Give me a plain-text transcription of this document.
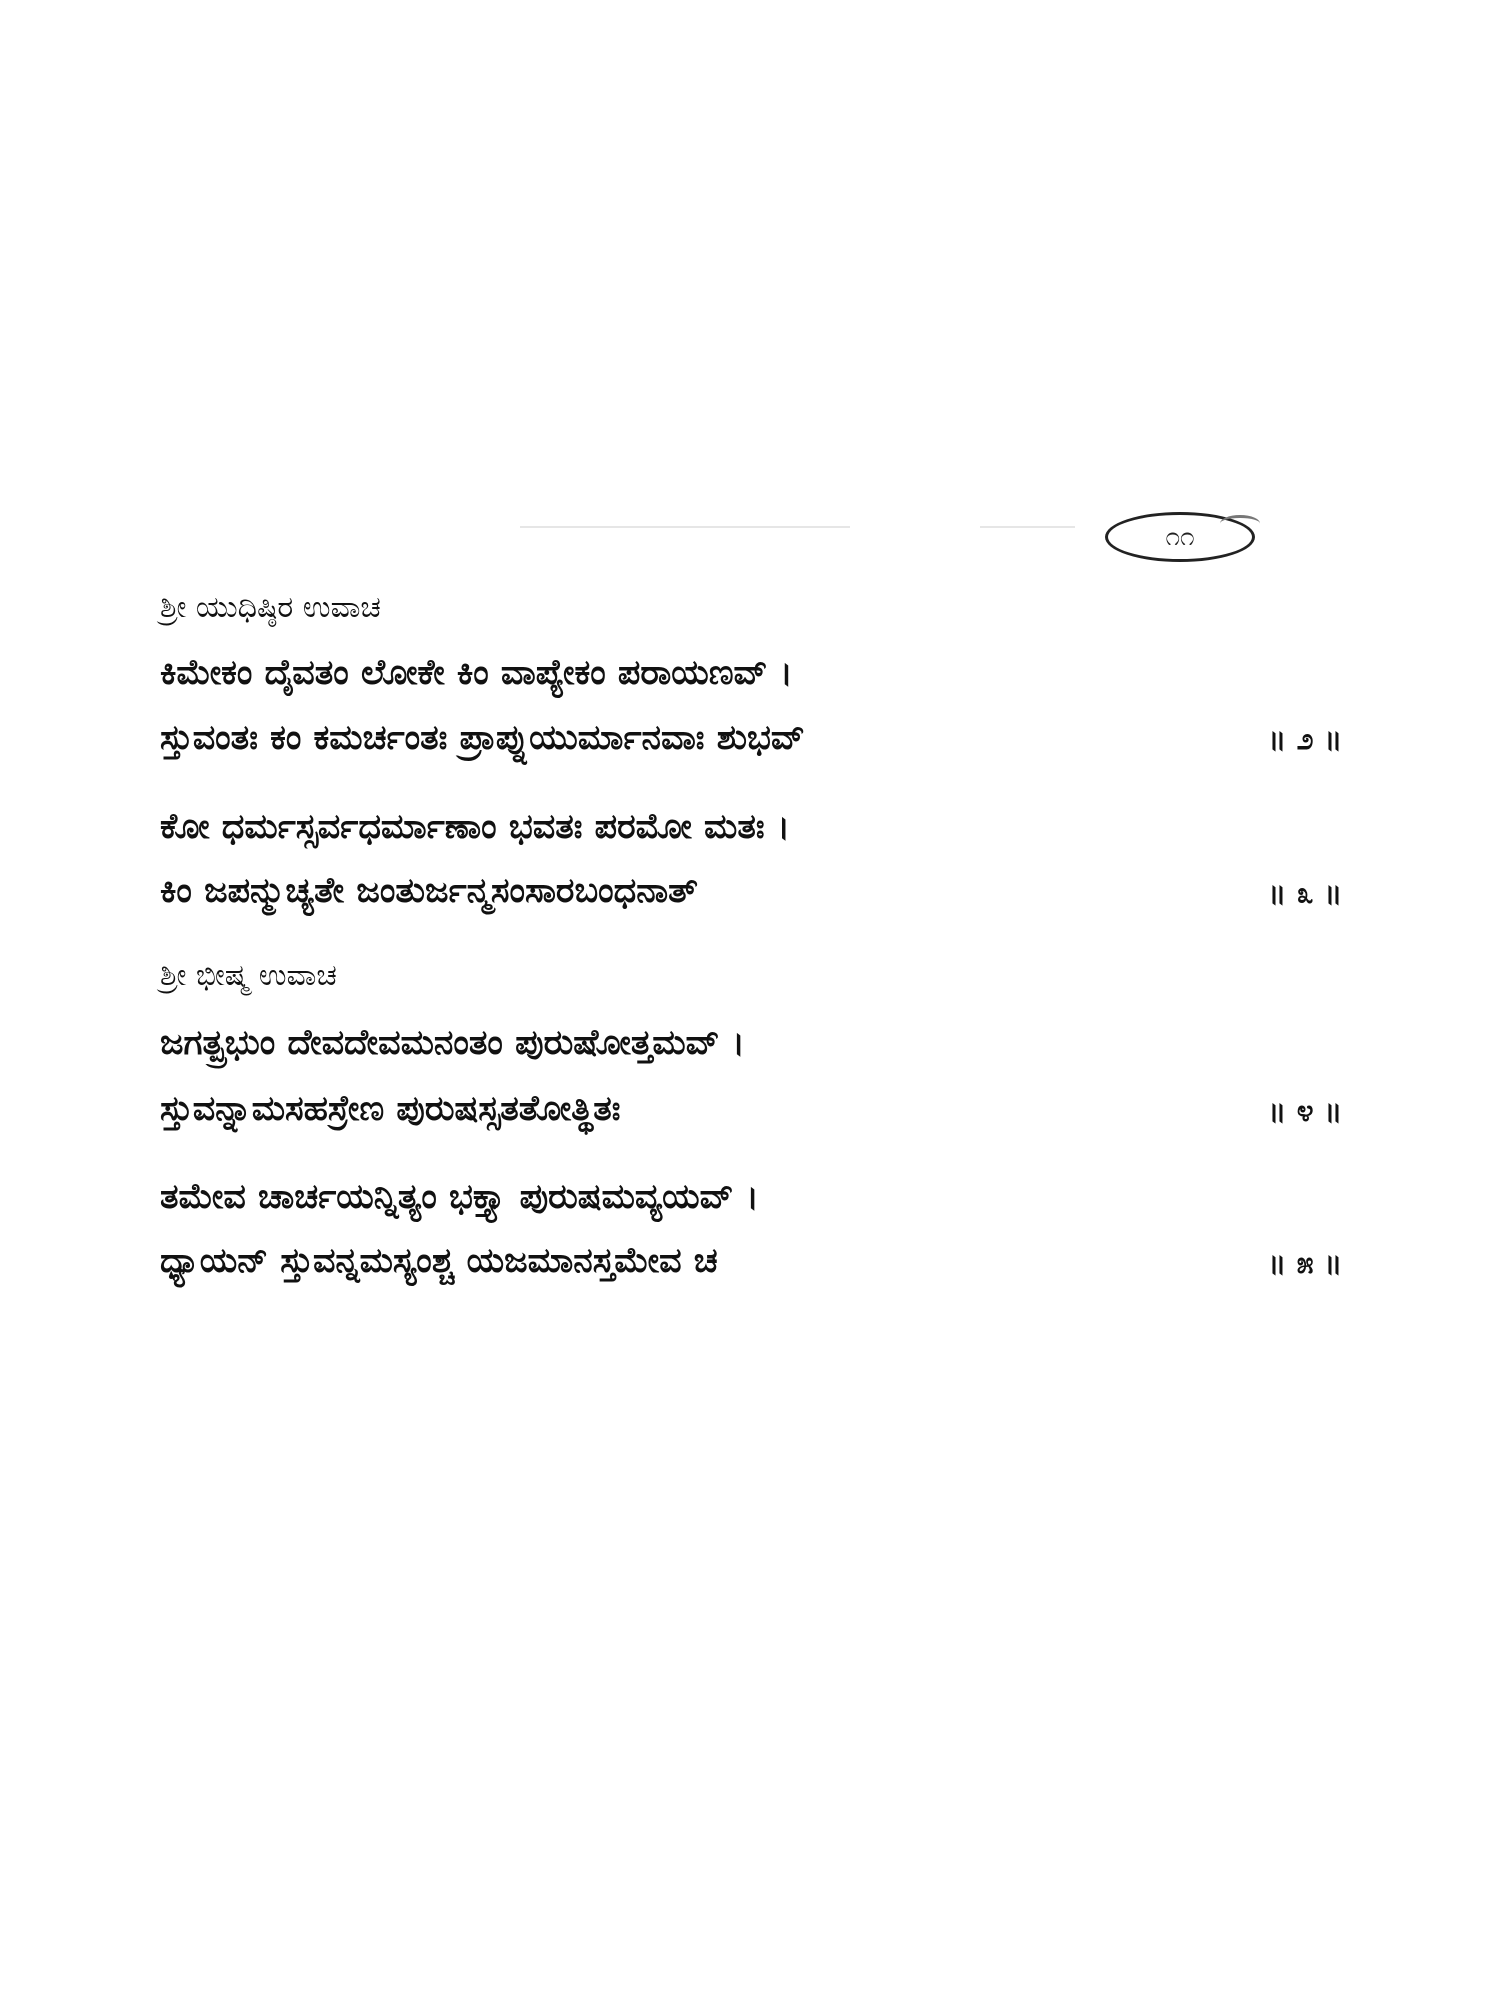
೧೧
ಶ್ರೀ ಯುಧಿಷ್ಠಿರ ಉವಾಚ
ಕಿಮೇಕಂ ದೈವತಂ ಲೋಕೇ ಕಿಂ ವಾಪ್ಯೇಕಂ ಪರಾಯಣವ್ ।
ಸ್ತುವಂತಃ ಕಂ ಕಮರ್ಚಂತಃ ಪ್ರಾಪ್ನುಯುರ್ಮಾನವಾಃ ಶುಭವ್	॥ ೨ ॥
ಕೋ ಧರ್ಮಸ್ಸರ್ವಧರ್ಮಾಣಾಂ ಭವತಃ ಪರಮೋ ಮತಃ ।
ಕಿಂ ಜಪನ್ಮುಚ್ಯತೇ ಜಂತುರ್ಜನ್ಮಸಂಸಾರಬಂಧನಾತ್	॥ ೩ ॥
ಶ್ರೀ ಭೀಷ್ಮ ಉವಾಚ
ಜಗತ್ಪ್ರಭುಂ ದೇವದೇವಮನಂತಂ ಪುರುಷೋತ್ತಮವ್ ।
ಸ್ತುವನ್ನಾಮಸಹಸ್ರೇಣ ಪುರುಷಸ್ಸತತೋತ್ಥಿತಃ	॥ ೪ ॥
ತಮೇವ ಚಾರ್ಚಯನ್ನಿತ್ಯಂ ಭಕ್ತ್ಯಾ ಪುರುಷಮವ್ಯಯವ್ ।
ಧ್ಯಾಯನ್ ಸ್ತುವನ್ನಮಸ್ಯಂಶ್ಚ ಯಜಮಾನಸ್ತಮೇವ ಚ	॥ ೫ ॥
